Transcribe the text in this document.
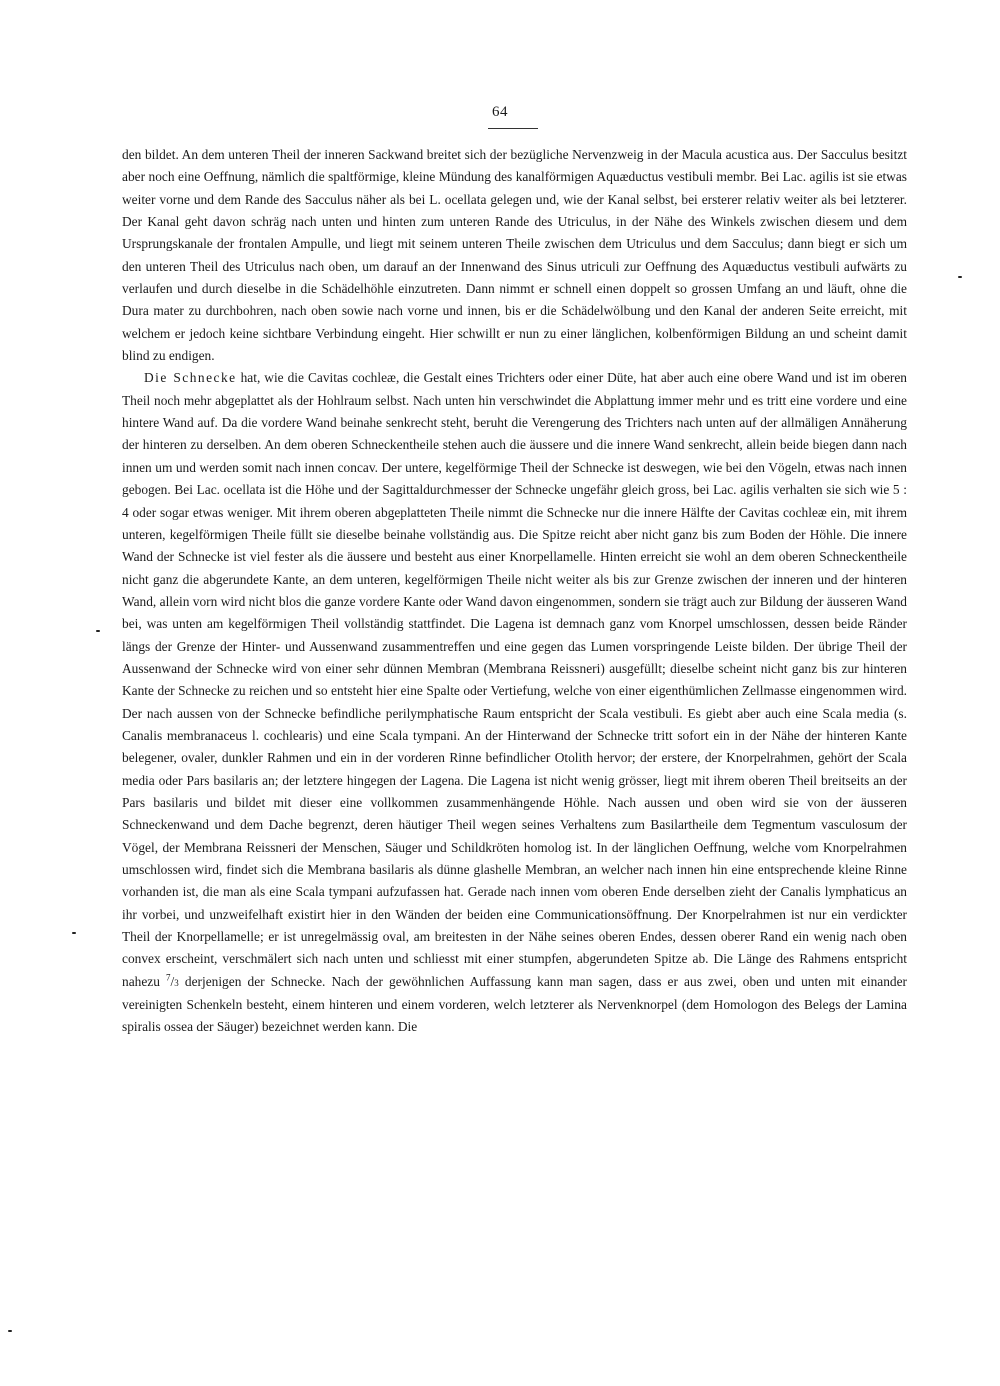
64

den bildet. An dem unteren Theil der inneren Sackwand breitet sich der bezügliche Nervenzweig in der Macula acustica aus. Der Sacculus besitzt aber noch eine Oeffnung, nämlich die spaltförmige, kleine Mündung des kanalförmigen Aquæductus vestibuli membr. Bei Lac. agilis ist sie etwas weiter vorne und dem Rande des Sacculus näher als bei L. ocellata gelegen und, wie der Kanal selbst, bei ersterer relativ weiter als bei letzterer. Der Kanal geht davon schräg nach unten und hinten zum unteren Rande des Utriculus, in der Nähe des Winkels zwischen diesem und dem Ursprungskanale der frontalen Ampulle, und liegt mit seinem unteren Theile zwischen dem Utriculus und dem Sacculus; dann biegt er sich um den unteren Theil des Utriculus nach oben, um darauf an der Innenwand des Sinus utriculi zur Oeffnung des Aquæductus vestibuli aufwärts zu verlaufen und durch dieselbe in die Schädelhöhle einzutreten. Dann nimmt er schnell einen doppelt so grossen Umfang an und läuft, ohne die Dura mater zu durchbohren, nach oben sowie nach vorne und innen, bis er die Schädelwölbung und den Kanal der anderen Seite erreicht, mit welchem er jedoch keine sichtbare Verbindung eingeht. Hier schwillt er nun zu einer länglichen, kolbenförmigen Bildung an und scheint damit blind zu endigen.

Die Schnecke hat, wie die Cavitas cochleæ, die Gestalt eines Trichters oder einer Düte, hat aber auch eine obere Wand und ist im oberen Theil noch mehr abgeplattet als der Hohlraum selbst. Nach unten hin verschwindet die Abplattung immer mehr und es tritt eine vordere und eine hintere Wand auf. Da die vordere Wand beinahe senkrecht steht, beruht die Verengerung des Trichters nach unten auf der allmäligen Annäherung der hinteren zu derselben. An dem oberen Schneckentheile stehen auch die äussere und die innere Wand senkrecht, allein beide biegen dann nach innen um und werden somit nach innen concav. Der untere, kegelförmige Theil der Schnecke ist deswegen, wie bei den Vögeln, etwas nach innen gebogen. Bei Lac. ocellata ist die Höhe und der Sagittaldurchmesser der Schnecke ungefähr gleich gross, bei Lac. agilis verhalten sie sich wie 5 : 4 oder sogar etwas weniger. Mit ihrem oberen abgeplatteten Theile nimmt die Schnecke nur die innere Hälfte der Cavitas cochleæ ein, mit ihrem unteren, kegelförmigen Theile füllt sie dieselbe beinahe vollständig aus. Die Spitze reicht aber nicht ganz bis zum Boden der Höhle. Die innere Wand der Schnecke ist viel fester als die äussere und besteht aus einer Knorpellamelle. Hinten erreicht sie wohl an dem oberen Schneckentheile nicht ganz die abgerundete Kante, an dem unteren, kegelförmigen Theile nicht weiter als bis zur Grenze zwischen der inneren und der hinteren Wand, allein vorn wird nicht blos die ganze vordere Kante oder Wand davon eingenommen, sondern sie trägt auch zur Bildung der äusseren Wand bei, was unten am kegelförmigen Theil vollständig stattfindet. Die Lagena ist demnach ganz vom Knorpel umschlossen, dessen beide Ränder längs der Grenze der Hinter- und Aussenwand zusammentreffen und eine gegen das Lumen vorspringende Leiste bilden. Der übrige Theil der Aussenwand der Schnecke wird von einer sehr dünnen Membran (Membrana Reissneri) ausgefüllt; dieselbe scheint nicht ganz bis zur hinteren Kante der Schnecke zu reichen und so entsteht hier eine Spalte oder Vertiefung, welche von einer eigenthümlichen Zellmasse eingenommen wird. Der nach aussen von der Schnecke befindliche perilymphatische Raum entspricht der Scala vestibuli. Es giebt aber auch eine Scala media (s. Canalis membranaceus l. cochlearis) und eine Scala tympani. An der Hinterwand der Schnecke tritt sofort ein in der Nähe der hinteren Kante belegener, ovaler, dunkler Rahmen und ein in der vorderen Rinne befindlicher Otolith hervor; der erstere, der Knorpelrahmen, gehört der Scala media oder Pars basilaris an; der letztere hingegen der Lagena. Die Lagena ist nicht wenig grösser, liegt mit ihrem oberen Theil breitseits an der Pars basilaris und bildet mit dieser eine vollkommen zusammenhängende Höhle. Nach aussen und oben wird sie von der äusseren Schneckenwand und dem Dache begrenzt, deren häutiger Theil wegen seines Verhaltens zum Basilartheile dem Tegmentum vasculosum der Vögel, der Membrana Reissneri der Menschen, Säuger und Schildkröten homolog ist. In der länglichen Oeffnung, welche vom Knorpelrahmen umschlossen wird, findet sich die Membrana basilaris als dünne glashelle Membran, an welcher nach innen hin eine entsprechende kleine Rinne vorhanden ist, die man als eine Scala tympani aufzufassen hat. Gerade nach innen vom oberen Ende derselben zieht der Canalis lymphaticus an ihr vorbei, und unzweifelhaft existirt hier in den Wänden der beiden eine Communicationsöffnung. Der Knorpelrahmen ist nur ein verdickter Theil der Knorpellamelle; er ist unregelmässig oval, am breitesten in der Nähe seines oberen Endes, dessen oberer Rand ein wenig nach oben convex erscheint, verschmälert sich nach unten und schliesst mit einer stumpfen, abgerundeten Spitze ab. Die Länge des Rahmens entspricht nahezu $^7$/3 derjenigen der Schnecke. Nach der gewöhnlichen Auffassung kann man sagen, dass er aus zwei, oben und unten mit einander vereinigten Schenkeln besteht, einem hinteren und einem vorderen, welch letzterer als Nervenknorpel (dem Homologon des Belegs der Lamina spiralis ossea der Säuger) bezeichnet werden kann. Die
